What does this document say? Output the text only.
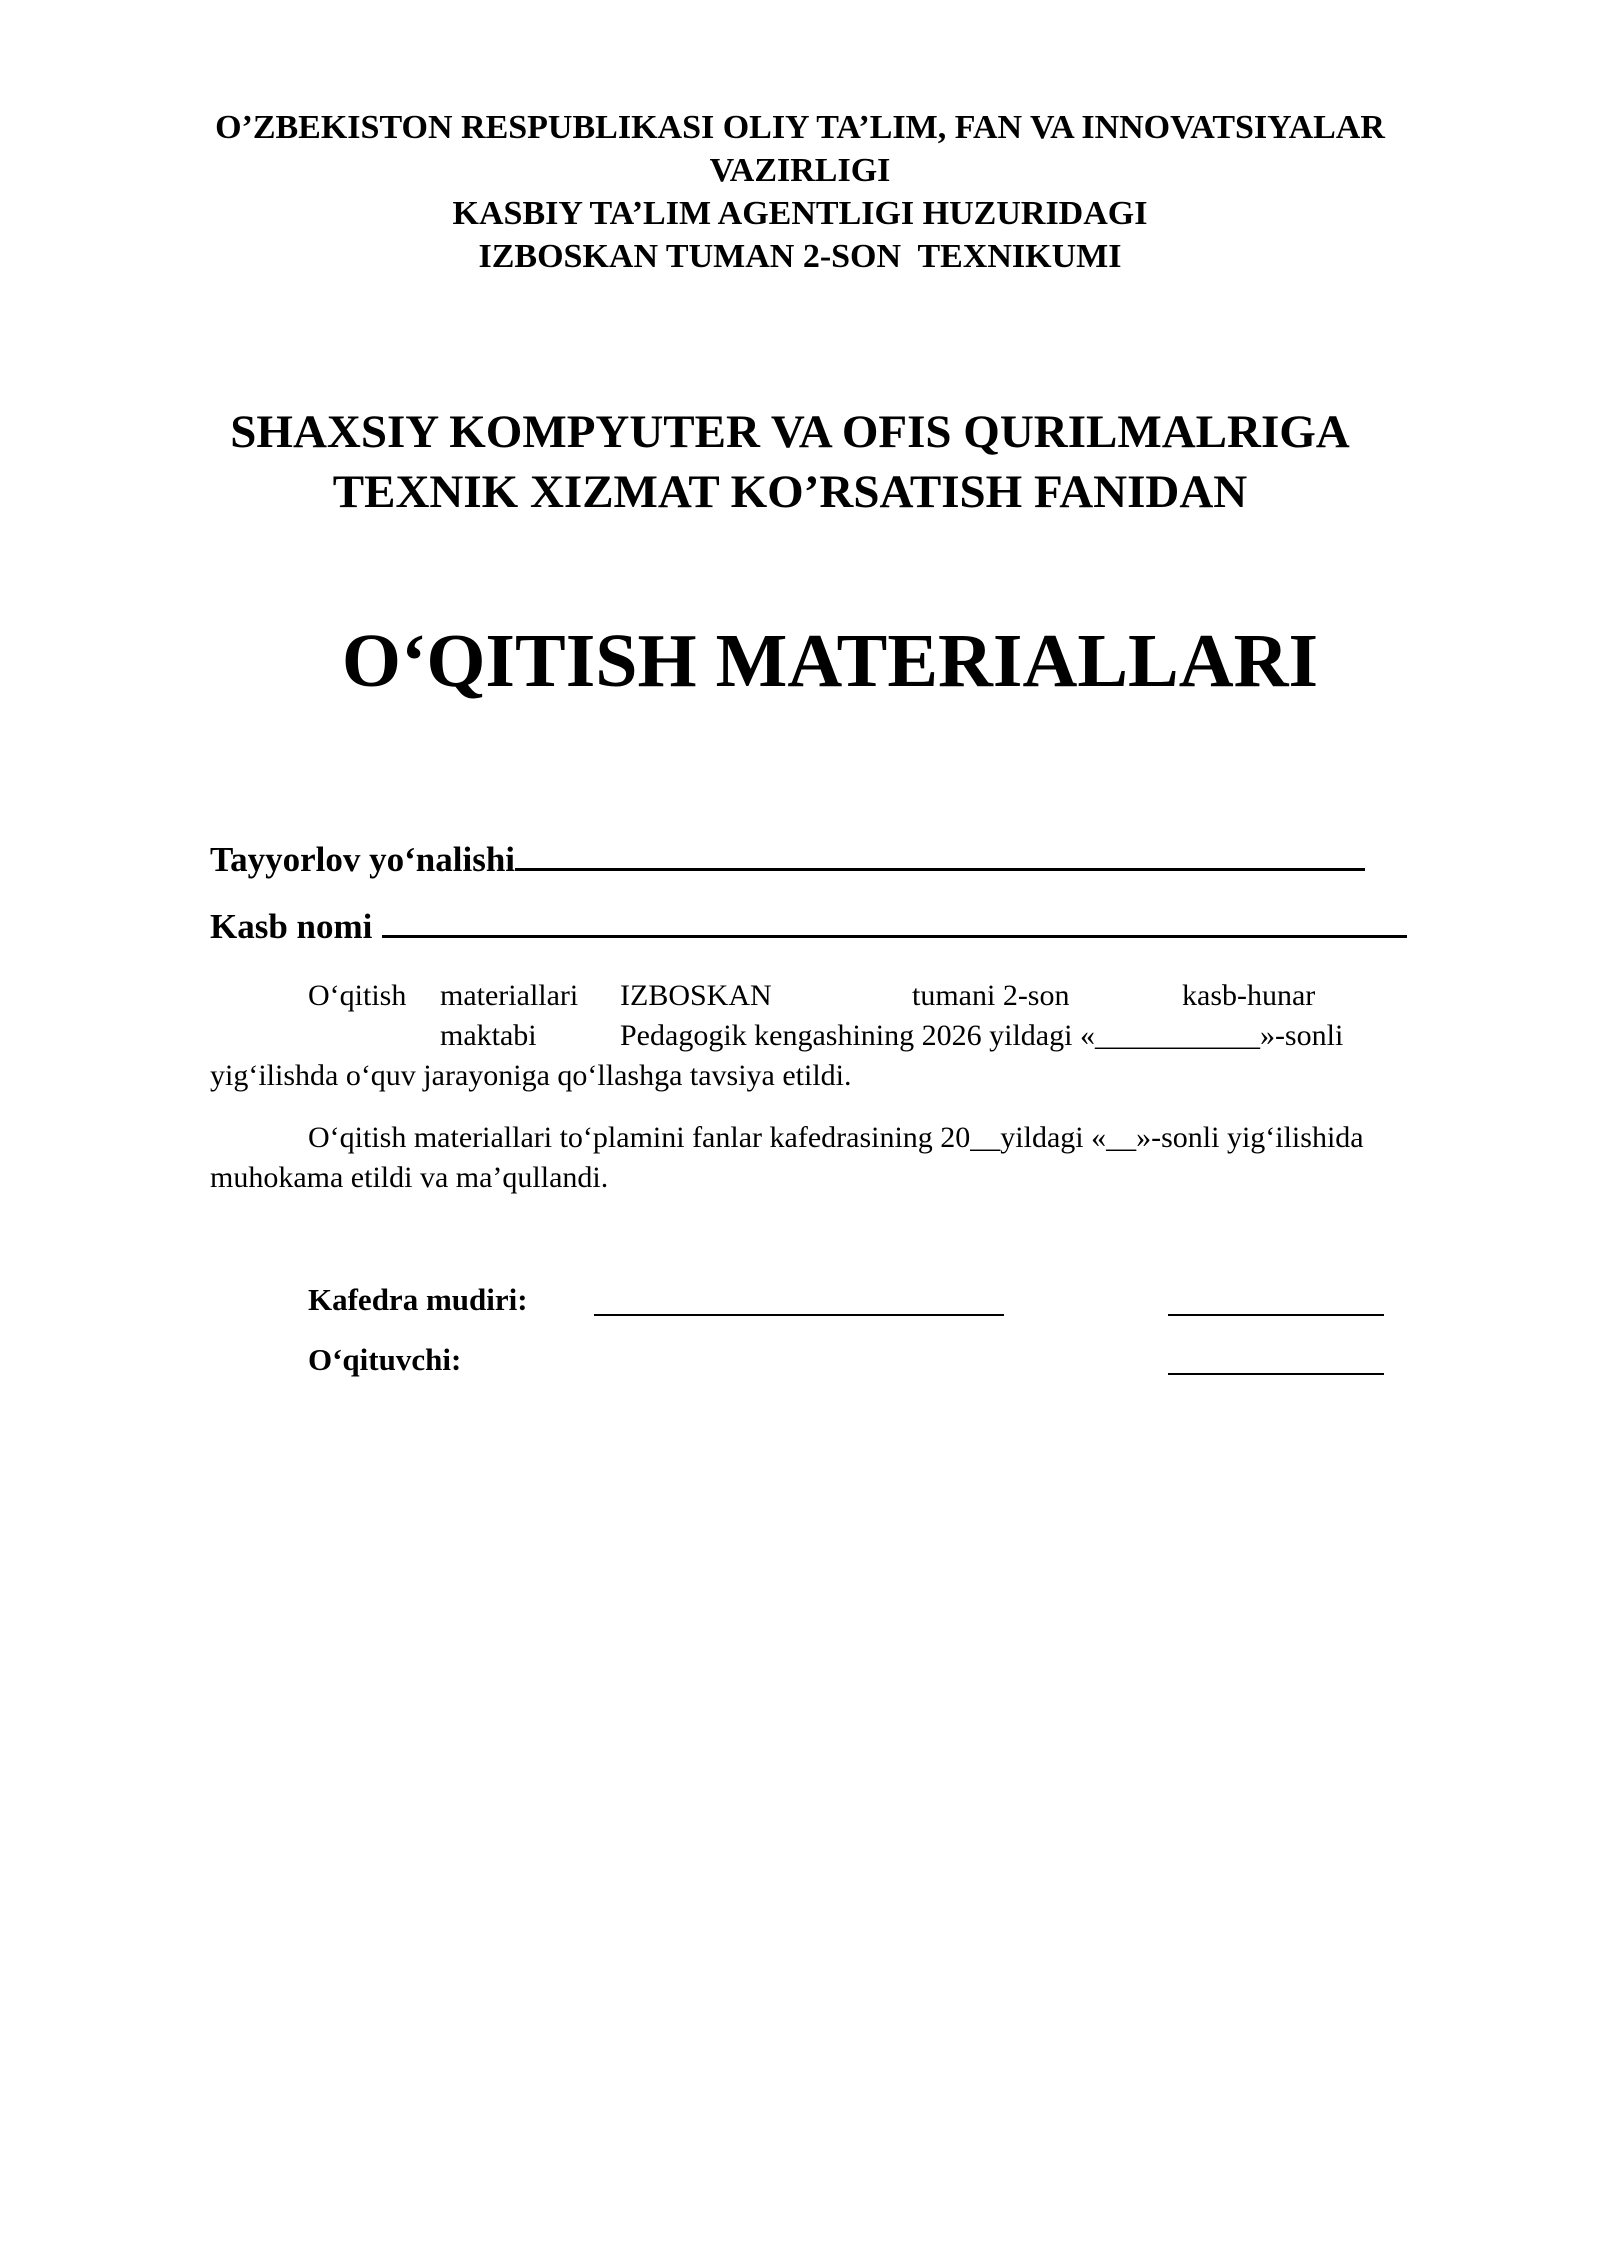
O’ZBEKISTON RESPUBLIKASI OLIY TA’LIM, FAN VA INNOVATSIYALAR
VAZIRLIGI
KASBIY TA’LIM AGENTLIGI HUZURIDAGI
IZBOSKAN TUMAN 2-SON  TEXNIKUMI
SHAXSIY KOMPYUTER VA OFIS QURILMALRIGA
TEXNIK XIZMAT KO’RSATISH FANIDAN
O‘QITISH MATERIALLARI
Tayyorlov yo‘nalishi
Kasb nomi
O‘qitish materiallari IZBOSKAN	tumani 2-son	kasb-hunar
maktabi	Pedagogik kengashining 2026 yildagi «___________»-sonli
yig‘ilishda o‘quv jarayoniga qo‘llashga tavsiya etildi.
O‘qitish materiallari to‘plamini fanlar kafedrasining 20__yildagi «__»-sonli yig‘ilishida
muhokama etildi va ma’qullandi.
Kafedra mudiri:
O‘qituvchi:
